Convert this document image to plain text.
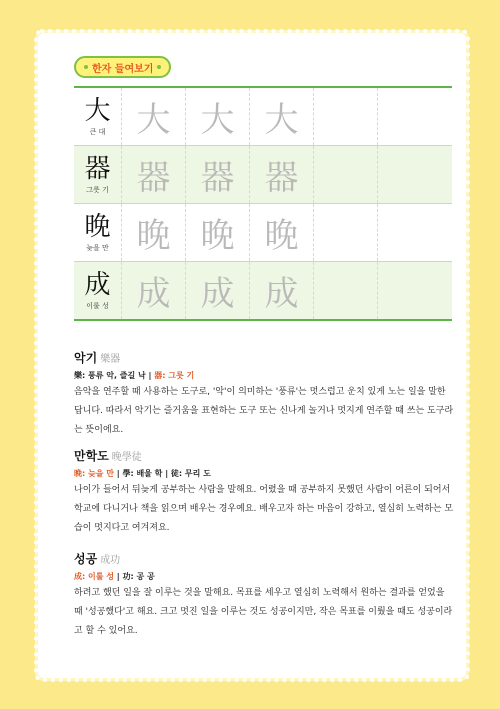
한자 들여보기
大
큰 대 大 大 大
器
그릇 기 器 器 器
晚
늦을 만 晚 晚 晚
成
이룰 성 成 成 成
악기 樂器
樂: 풍류 악, 즐길 낙 | 器: 그릇 기

음악을 연주할 때 사용하는 도구로, '악'이 의미하는 '풍류'는 멋스럽고 운치 있게 노는 일을 말한답니다. 따라서 악기는 즐거움을 표현하는 도구 또는 신나게 놀거나 멋지게 연주할 때 쓰는 도구라는 뜻이에요.

만학도 晚學徒
晚: 늦을 만 | 學: 배울 학 | 徒: 무리 도

나이가 들어서 뒤늦게 공부하는 사람을 말해요. 어렸을 때 공부하지 못했던 사람이 어른이 되어서 학교에 다니거나 책을 읽으며 배우는 경우예요. 배우고자 하는 마음이 강하고, 열심히 노력하는 모습이 멋지다고 여겨져요.

성공 成功
成: 이룰 성 | 功: 공 공

하려고 했던 일을 잘 이루는 것을 말해요. 목표를 세우고 열심히 노력해서 원하는 결과를 얻었을 때 '성공했다'고 해요. 크고 멋진 일을 이루는 것도 성공이지만, 작은 목표를 이뤘을 때도 성공이라고 할 수 있어요.
